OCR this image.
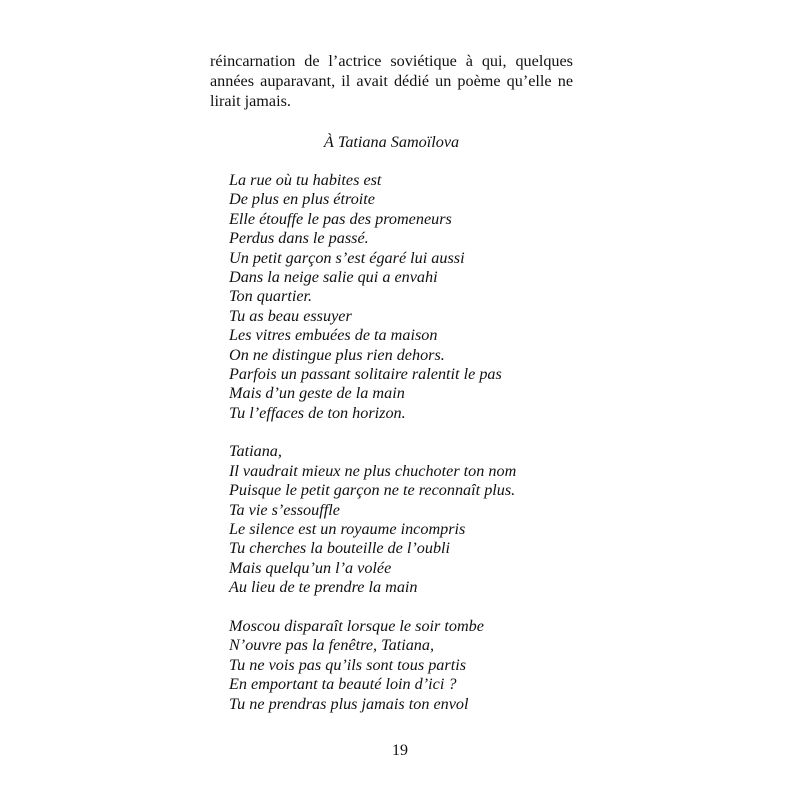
réincarnation de l’actrice soviétique à qui, quelques
années auparavant, il avait dédié un poème qu’elle ne
lirait jamais.

À Tatiana Samoïlova

La rue où tu habites est
De plus en plus étroite
Elle étouffe le pas des promeneurs
Perdus dans le passé.
Un petit garçon s’est égaré lui aussi
Dans la neige salie qui a envahi
Ton quartier.
Tu as beau essuyer
Les vitres embuées de ta maison
On ne distingue plus rien dehors.
Parfois un passant solitaire ralentit le pas
Mais d’un geste de la main
Tu l’effaces de ton horizon.
Tatiana,
Il vaudrait mieux ne plus chuchoter ton nom
Puisque le petit garçon ne te reconnaît plus.
Ta vie s’essouffle
Le silence est un royaume incompris
Tu cherches la bouteille de l’oubli
Mais quelqu’un l’a volée
Au lieu de te prendre la main
Moscou disparaît lorsque le soir tombe
N’ouvre pas la fenêtre, Tatiana,
Tu ne vois pas qu’ils sont tous partis
En emportant ta beauté loin d’ici ?
Tu ne prendras plus jamais ton envol

19
